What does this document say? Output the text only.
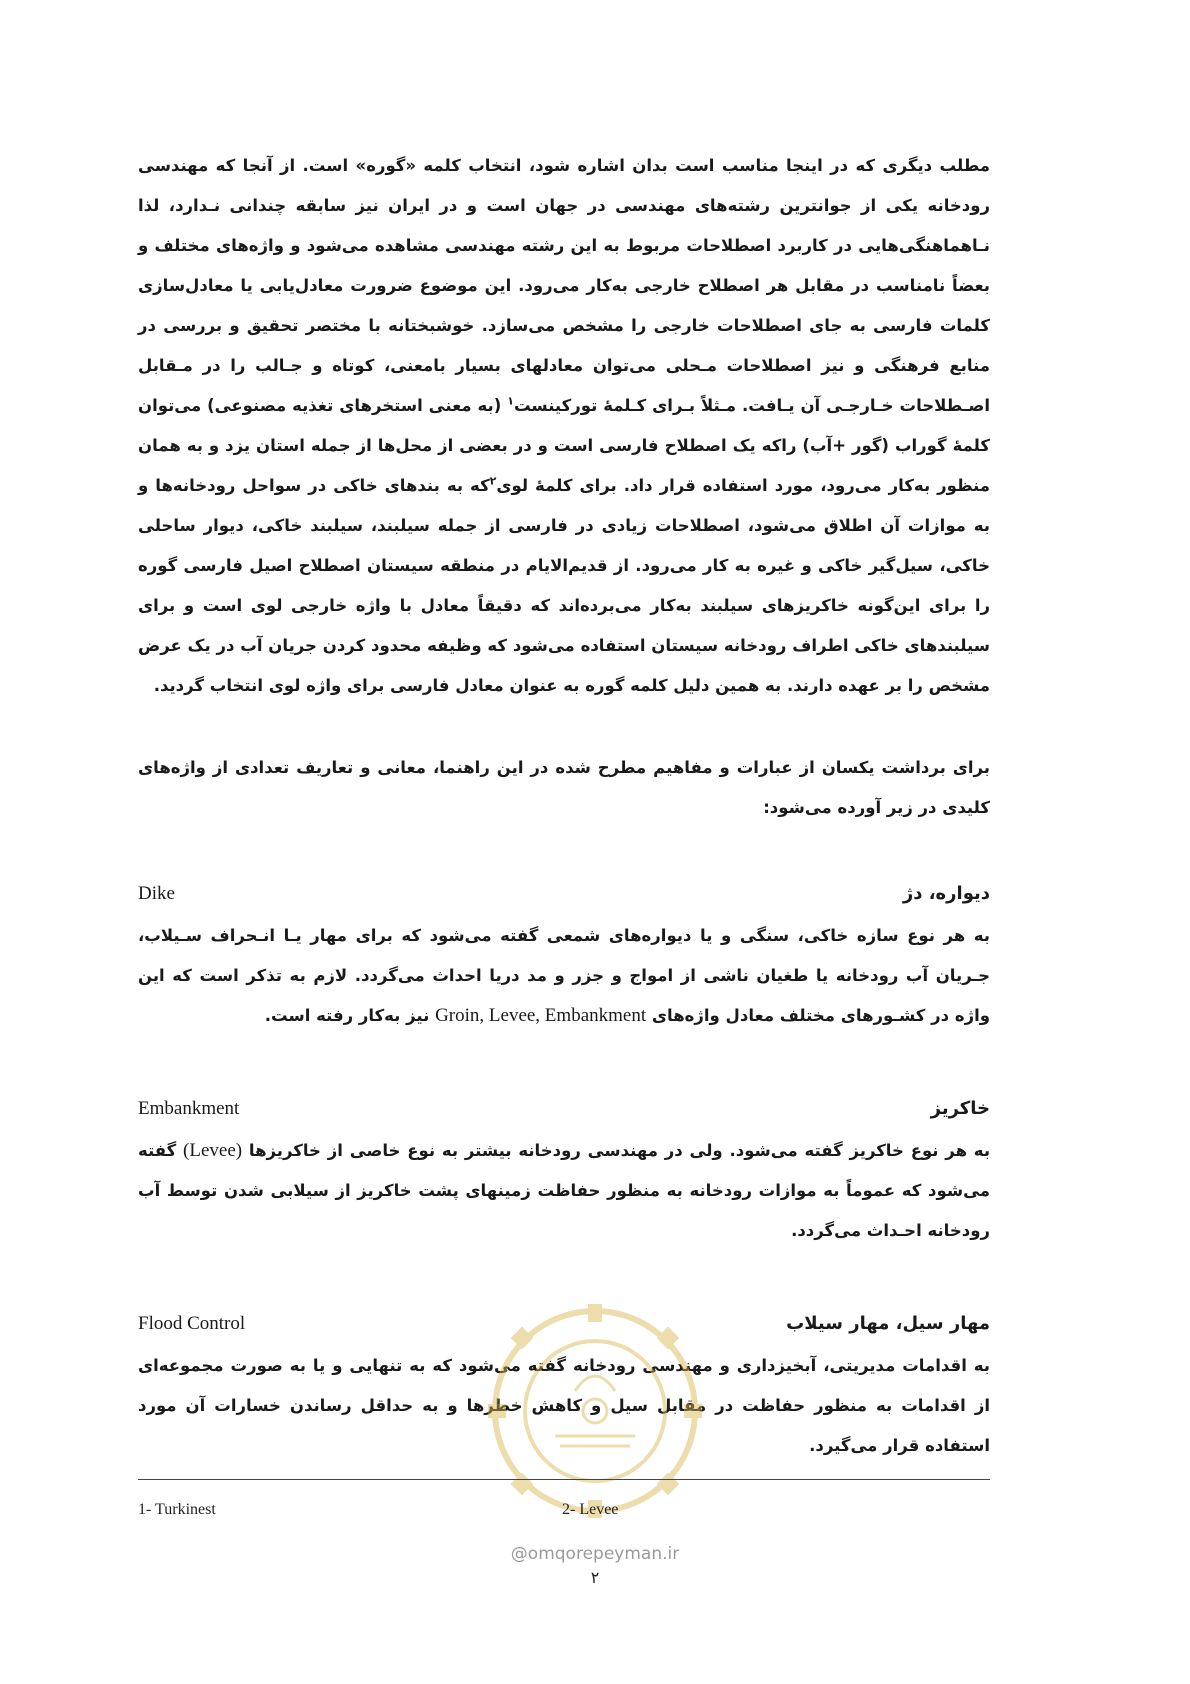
مطلب دیگری که در اینجا مناسب است بدان اشاره شود، انتخاب کلمه «گوره» است. از آنجا که مهندسی رودخانه یکی از جوانترین رشته‌های مهندسی در جهان است و در ایران نیز سابقه چندانی نـدارد، لذا نـاهماهنگی‌هایی در کاربرد اصطلاحات مربوط به این رشته مهندسی مشاهده می‌شود و واژه‌های مختلف و بعضاً نامناسب در مقابل هر اصطلاح خارجی به‌کار می‌رود. این موضوع ضرورت معادل‌یابی یا معادل‌سازی کلمات فارسی به جای اصطلاحات خارجی را مشخص می‌سازد. خوشبختانه با مختصر تحقیق و بررسی در منابع فرهنگی و نیز اصطلاحات مـحلی می‌توان معادلهای بسیار بامعنی، کوتاه و جـالب را در مـقابل اصـطلاحات خـارجـی آن یـافت. مـثلاً بـرای کـلمهٔ توركينست$^١$ (به معنی استخرهای تغذیه مصنوعی) می‌توان کلمهٔ گوراب (گور +آب) راکه یک اصطلاح فارسی است و در بعضی از محل‌ها از جمله استان یزد و به همان منظور به‌کار می‌رود، مورد استفاده قرار داد. برای کلمهٔ لوی$^٢$که به بندهای خاکی در سواحل رودخانه‌ها و به موازات آن اطلاق می‌شود، اصطلاحات زیادی در فارسی از جمله سیلبند، سیلبند خاکی، دیوار ساحلی خاکی، سیل‌گیر خاکی و غیره به کار می‌رود. از قدیم‌الایام در منطقه سیستان اصطلاح اصیل فارسی گوره را برای این‌گونه خاکریزهای سیلبند به‌کار می‌برده‌اند که دقیقاً معادل با واژه خارجی لوی است و برای سیلبندهای خاکی اطراف رودخانه سیستان استفاده می‌شود که وظیفه محدود کردن جریان آب در یک عرض مشخص را بر عهده دارند. به همین دلیل کلمه گوره به عنوان معادل فارسی برای واژه لوی انتخاب گردید.

برای برداشت یکسان از عبارات و مفاهیم مطرح شده در این راهنما، معانی و تعاریف تعدادی از واژه‌های کلیدی در زیر آورده می‌شود:

دیواره، دژ
Dike

به هر نوع سازه خاکی، سنگی و یا دیواره‌های شمعی گفته می‌شود که برای مهار یـا انـحراف سـیلاب، جـریان آب رودخانه یا طغیان ناشی از امواج و جزر و مد دریا احداث می‌گردد. لازم به تذکر است که این واژه در کشـورهای مختلف معادل واژه‌های Groin, Levee, Embankment نیز به‌کار رفته است.

خاکریز
Embankment

به هر نوع خاکریز گفته می‌شود. ولی در مهندسی رودخانه بیشتر به نوع خاصی از خاکریزها (Levee) گفته می‌شود که عموماً به موازات رودخانه به منظور حفاظت زمینهای پشت خاکریز از سیلابی شدن توسط آب رودخانه احـداث می‌گردد.

مهار سیل، مهار سیلاب
Flood Control

به اقدامات مدیریتی، آبخیزداری و مهندسی رودخانه گفته می‌شود که به تنهایی و یا به صورت مجموعه‌ای از اقدامات به منظور حفاظت در مقابل سیل و کاهش خطرها و به حداقل رساندن خسارات آن مورد استفاده قرار می‌گیرد.

1- Turkinest	2- Levee
@omqorepeyman.ir
۲
